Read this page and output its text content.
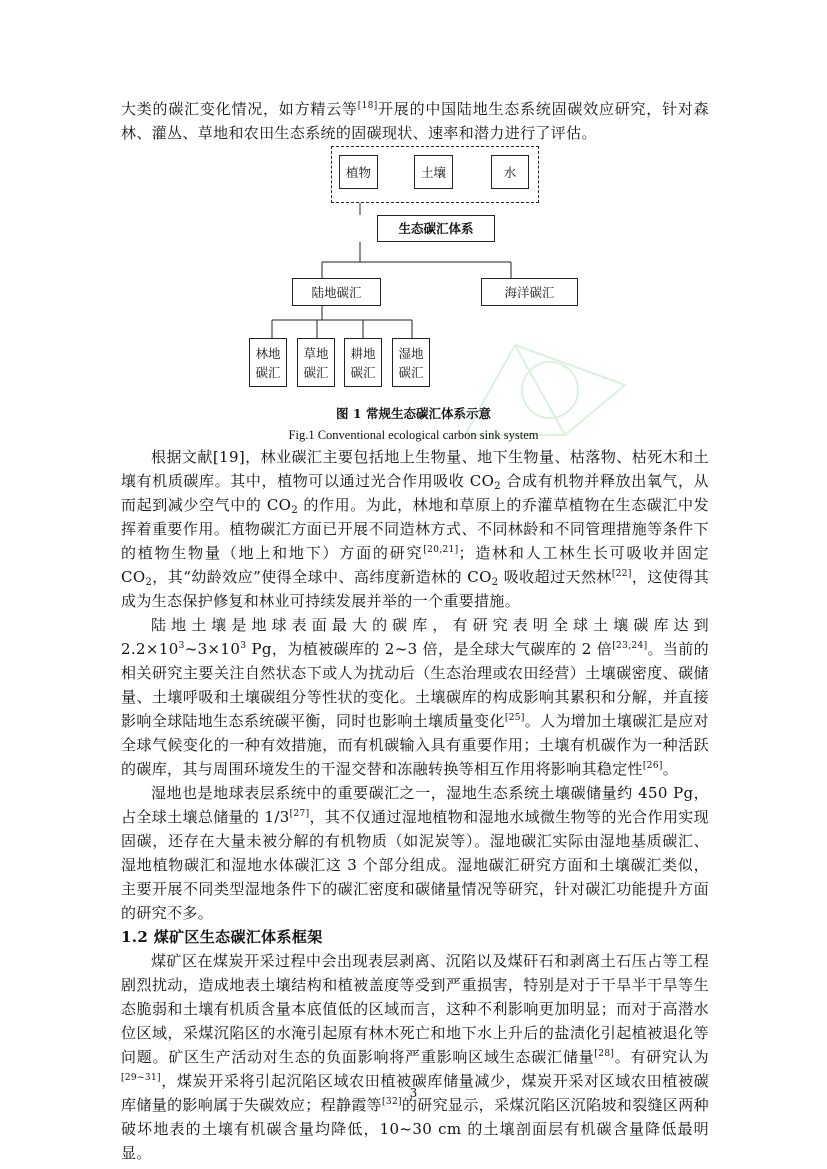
大类的碳汇变化情况，如方精云等[18]开展的中国陆地生态系统固碳效应研究，针对森林、灌丛、草地和农田生态系统的固碳现状、速率和潜力进行了评估。

植物	土壤	水
生态碳汇体系
陆地碳汇	海洋碳汇
林地
碳汇
草地
碳汇
耕地
碳汇
湿地
碳汇
图 1 常规生态碳汇体系示意
Fig.1 Conventional ecological carbon sink system

根据文献[19]，林业碳汇主要包括地上生物量、地下生物量、枯落物、枯死木和土壤有机质碳库。其中，植物可以通过光合作用吸收 $CO_2$ 合成有机物并释放出氧气，从而起到减少空气中的 $CO_2$ 的作用。为此，林地和草原上的乔灌草植物在生态碳汇中发挥着重要作用。植物碳汇方面已开展不同造林方式、不同林龄和不同管理措施等条件下的植物生物量（地上和地下）方面的研究[20,21]；造林和人工林生长可吸收并固定 $CO_2$，其“幼龄效应”使得全球中、高纬度新造林的 $CO_2$ 吸收超过天然林[22]，这使得其成为生态保护修复和林业可持续发展并举的一个重要措施。

陆地土壤是地球表面最大的碳库，有研究表明全球土壤碳库达到 $2.2\times 10^3\sim 3\times 10^3$ Pg，为植被碳库的 2~3 倍，是全球大气碳库的 2 倍[23,24]。当前的相关研究主要关注自然状态下或人为扰动后（生态治理或农田经营）土壤碳密度、碳储量、土壤呼吸和土壤碳组分等性状的变化。土壤碳库的构成影响其累积和分解，并直接影响全球陆地生态系统碳平衡，同时也影响土壤质量变化[25]。人为增加土壤碳汇是应对全球气候变化的一种有效措施，而有机碳输入具有重要作用；土壤有机碳作为一种活跃的碳库，其与周围环境发生的干湿交替和冻融转换等相互作用将影响其稳定性[26]。

湿地也是地球表层系统中的重要碳汇之一，湿地生态系统土壤碳储量约 450 Pg，占全球土壤总储量的 1/3[27]，其不仅通过湿地植物和湿地水域微生物等的光合作用实现固碳，还存在大量未被分解的有机物质（如泥炭等）。湿地碳汇实际由湿地基质碳汇、湿地植物碳汇和湿地水体碳汇这 3 个部分组成。湿地碳汇研究方面和土壤碳汇类似，主要开展不同类型湿地条件下的碳汇密度和碳储量情况等研究，针对碳汇功能提升方面的研究不多。

1.2 煤矿区生态碳汇体系框架

煤矿区在煤炭开采过程中会出现表层剥离、沉陷以及煤矸石和剥离土石压占等工程剧烈扰动，造成地表土壤结构和植被盖度等受到严重损害，特别是对于干旱半干旱等生态脆弱和土壤有机质含量本底值低的区域而言，这种不利影响更加明显；而对于高潜水位区域，采煤沉陷区的水淹引起原有林木死亡和地下水上升后的盐渍化引起植被退化等问题。矿区生产活动对生态的负面影响将严重影响区域生态碳汇储量[28]。有研究认为[29~31]，煤炭开采将引起沉陷区域农田植被碳库储量减少，煤炭开采对区域农田植被碳库储量的影响属于失碳效应；程静霞等[32]的研究显示，采煤沉陷区沉陷坡和裂缝区两种破坏地表的土壤有机碳含量均降低，10~30 cm 的土壤剖面层有机碳含量降低最明显。

3
